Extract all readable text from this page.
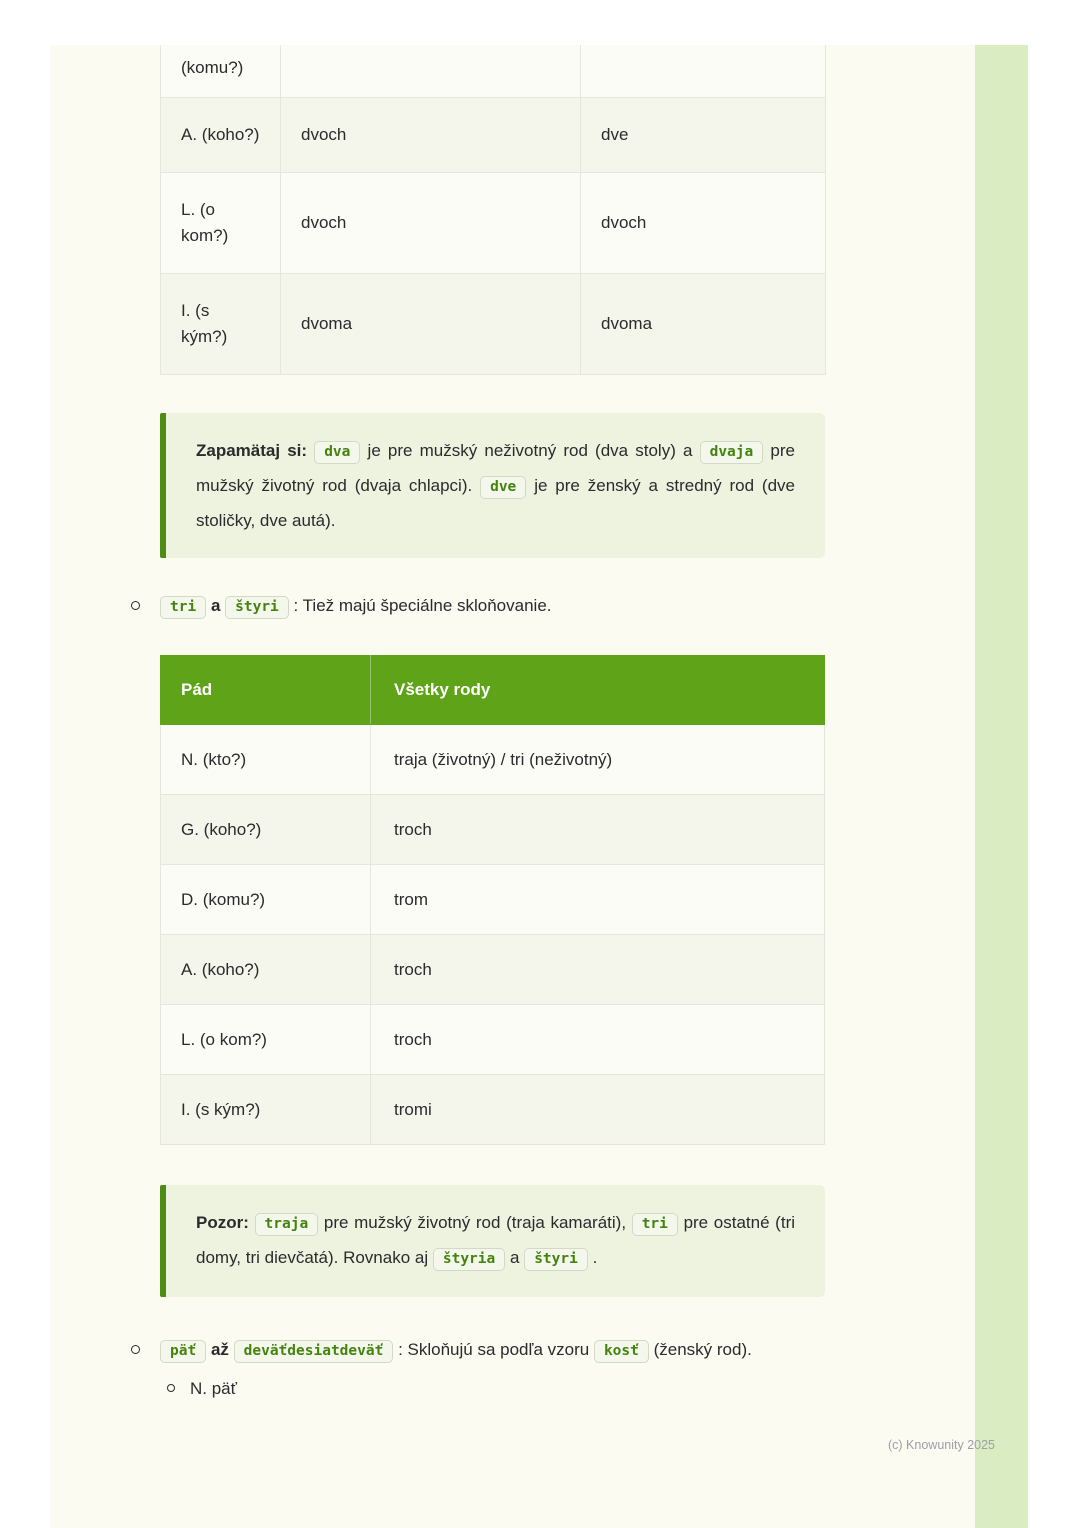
(komu?)		
A. (koho?)	dvoch	dve
L. (o kom?)	dvoch	dvoch
I. (s kým?)	dvoma	dvoma

Zapamätaj si: dva je pre mužský neživotný rod (dva stoly) a dvaja pre mužský životný rod (dvaja chlapci). dve je pre ženský a stredný rod (dve stoličky, dve autá).

tri a štyri : Tiež majú špeciálne skloňovanie.
Pád	Všetky rody
N. (kto?)	traja (životný) / tri (neživotný)
G. (koho?)	troch
D. (komu?)	trom
A. (koho?)	troch
L. (o kom?)	troch
I. (s kým?)	tromi

Pozor: traja pre mužský životný rod (traja kamaráti), tri pre ostatné (tri domy, tri dievčatá). Rovnako aj štyria a štyri .

päť až deväťdesiatdeväť : Skloňujú sa podľa vzoru kosť (ženský rod).
N. päť
(c) Knowunity 2025
